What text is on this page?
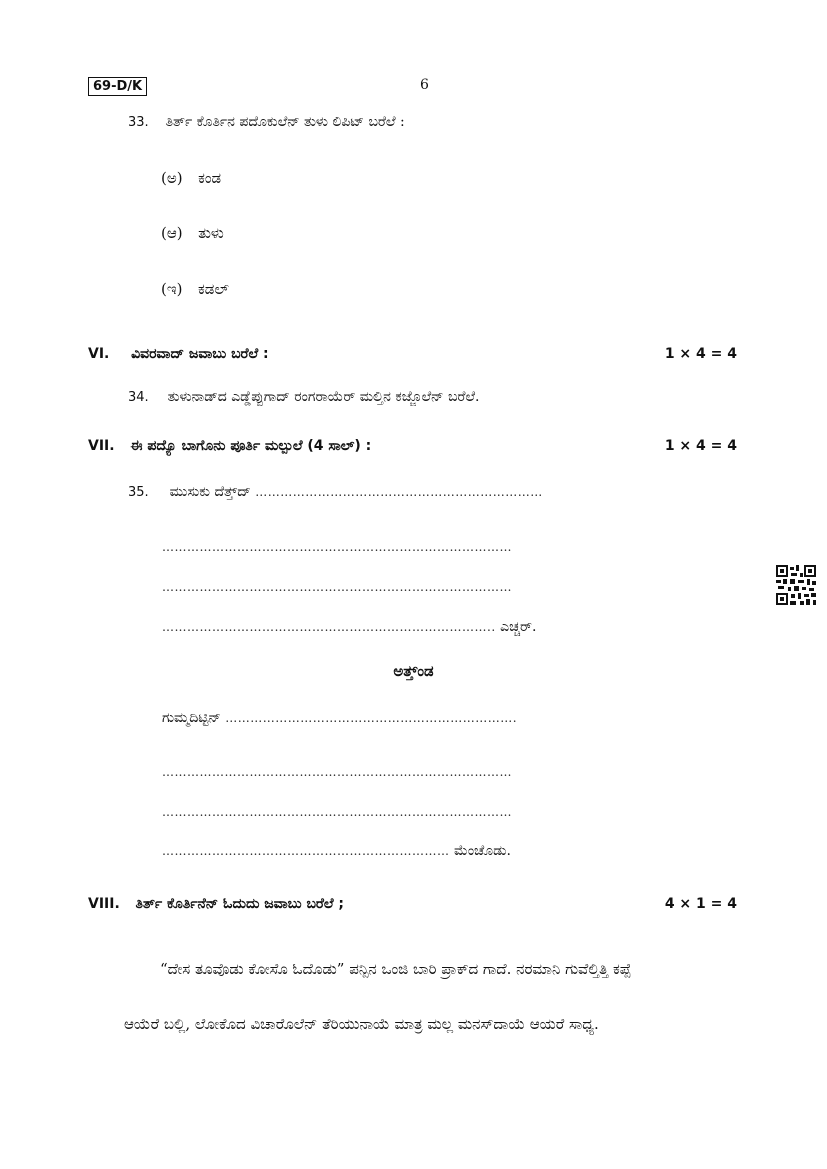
69-D/K	6
33. ತಿರ್ತ್ ಕೊರ್ತಿನ ಪದೊಕುಲೆನ್ ತುಳು ಲಿಪಿಟ್ ಬರೆಲೆ :
(ಅ) ಕಂಡ
(ಆ) ತುಳು
(ಇ) ಕಡಲ್
VI. ವಿವರವಾದ್ ಜವಾಬು ಬರೆಲೆ :	1 × 4 = 4
34. ತುಳುನಾಡ್‌ದ ಎಡ್ಡೆಪ್ಪುಗಾದ್ ರಂಗರಾಯೆರ್ ಮಲ್ತಿನ ಕಜ್ಜೊಲೆನ್ ಬರೆಲೆ.
VII. ಈ ಪದ್ಯೊ ಬಾಗೊನು ಪೂರ್ತಿ ಮಲ್ಪುಲೆ (4 ಸಾಲ್) :	1 × 4 = 4
35. ಮುಸುಕು ದೆತ್ತ್‌ದ್ ……………………………………………………………
…………………………………………………………………………
…………………………………………………………………………
…………………………………………………………………….. ಎಚ್ಚರ್.
ಅತ್ತ್‌ಂಡ
ಗುಮ್ಮದಿಟ್ಟಿನ್ …………………………………………………………….
…………………………………………………………………………
…………………………………………………………………………
…………………………………………………………… ಮೆಂಚೊಡು.
VIII. ತಿರ್ತ್ ಕೊರ್ತಿನೆನ್ ಓದುದು ಜವಾಬು ಬರೆಲೆ ;	4 × 1 = 4
“ದೇಸ ತೂವೊಡು ಕೋಸೊ ಓದೊಡು” ಪನ್ಪಿನ ಒಂಜಿ ಬಾರಿ ಪ್ರಾಕ್‌ದ ಗಾದೆ. ನರಮಾನಿ ಗುವೆಲ್ತಿತ್ತಿ ಕಪ್ಪೆ
ಆಯೆರೆ ಬಲ್ಲಿ, ಲೋಕೊದ ವಿಚಾರೊಲೆನ್ ತೆರಿಯುನಾಯೆ ಮಾತ್ರ ಮಲ್ಲ ಮನಸ್‌ದಾಯೆ ಆಯರೆ ಸಾಧ್ಯ.
